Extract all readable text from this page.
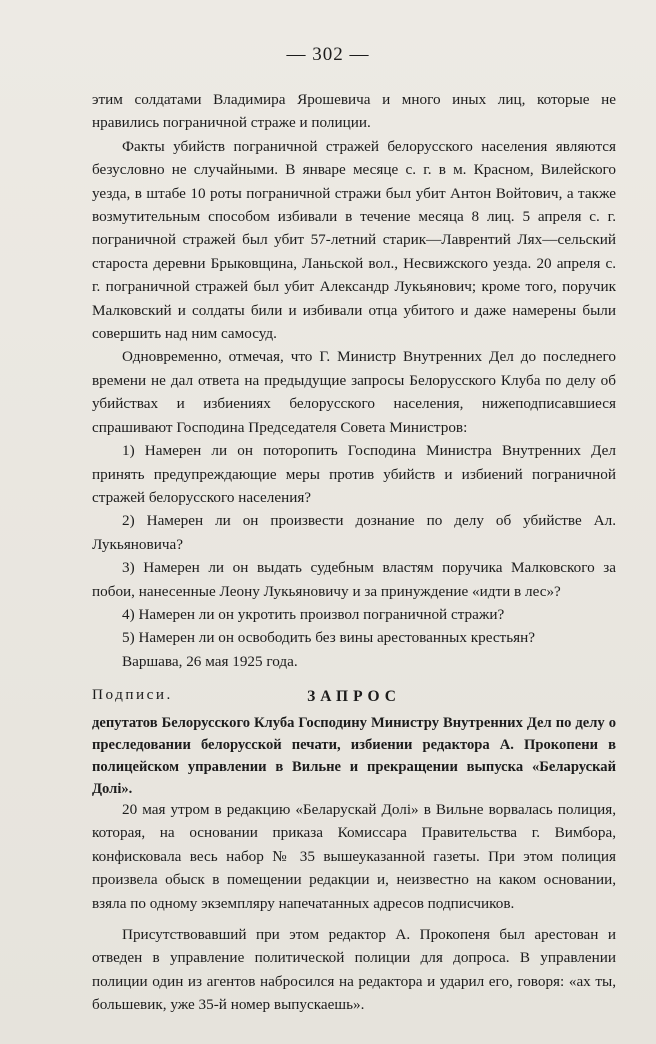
— 302 —

этим солдатами Владимира Ярошевича и много иных лиц, которые не нравились пограничной страже и полиции.

Факты убийств пограничной стражей белорусского населения являются безусловно не случайными. В январе месяце с. г. в м. Красном, Вилейского уезда, в штабе 10 роты пограничной стражи был убит Антон Войтович, а также возмутительным способом избивали в течение месяца 8 лиц. 5 апреля с. г. пограничной стражей был убит 57-летний старик—Лаврентий Лях—сельский староста деревни Брыковщина, Ланьской вол., Несвижского уезда. 20 апреля с. г. пограничной стражей был убит Александр Лукьянович; кроме того, поручик Малковский и солдаты били и избивали отца убитого и даже намерены были совершить над ним самосуд.

Одновременно, отмечая, что Г. Министр Внутренних Дел до последнего времени не дал ответа на предыдущие запросы Белорусского Клуба по делу об убийствах и избиениях белорусского населения, нижеподписавшиеся спрашивают Господина Председателя Совета Министров:

1) Намерен ли он поторопить Господина Министра Внутренних Дел принять предупреждающие меры против убийств и избиений пограничной стражей белорусского населения?

2) Намерен ли он произвести дознание по делу об убийстве Ал. Лукьяновича?

3) Намерен ли он выдать судебным властям поручика Малковского за побои, нанесенные Леону Лукьяновичу и за принуждение «идти в лес»?

4) Намерен ли он укротить произвол пограничной стражи?

5) Намерен ли он освободить без вины арестованных крестьян?

Варшава, 26 мая 1925 года.

Подписи.	ЗАПРОС
депутатов Белорусского Клуба Господину Министру Внутренних Дел по делу о преследовании белорусской печати, избиении редактора А. Прокопени в полицейском управлении в Вильне и прекращении выпуска «Беларускай Долі».

20 мая утром в редакцию «Беларускай Долі» в Вильне ворвалась полиция, которая, на основании приказа Комиссара Правительства г. Вимбора, конфисковала весь набор № 35 вышеуказанной газеты. При этом полиция произвела обыск в помещении редакции и, неизвестно на каком основании, взяла по одному экземпляру напечатанных адресов подписчиков.

Присутствовавший при этом редактор А. Прокопеня был арестован и отведен в управление политической полиции для допроса. В управлении полиции один из агентов набросился на редактора и ударил его, говоря: «ах ты, большевик, уже 35-й номер выпускаешь».
